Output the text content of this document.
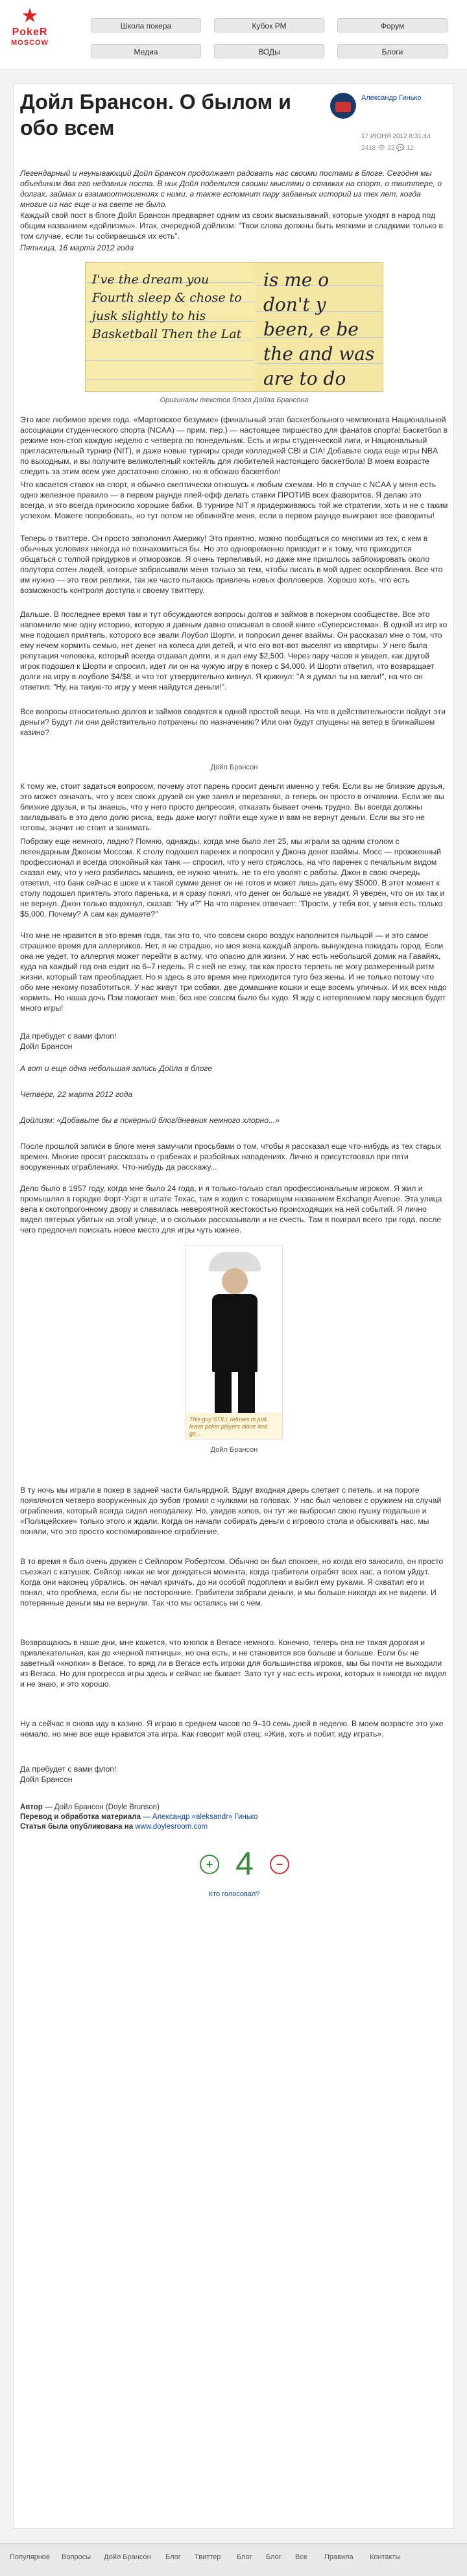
★
PokeR
MOSCOW
Школа покера	Кубок РМ	Форум
Медиа	ВОДы	Блоги
Дойл Брансон. О былом и обо всем
Александр Гинько
17 ИЮНЯ 2012 8:31:44
2418 👁 23 💬 12
Легендарный и неунывающий Дойл Брансон продолжает радовать нас своими постами в блоге. Сегодня мы объединим два его недавних поста. В них Дойл поделился своими мыслями о ставках на спорт, о твиттере, о долгах, займах и взаимоотношениях с ними, а также вспомнит пару забавных историй из тех лет, когда многие из нас еще и на свете не было.
Каждый свой пост в блоге Дойл Брансон предваряет одним из своих высказываний, которые уходят в народ под общим названием «дойлизмы». Итак, очередной дойлизм: "Твои слова должны быть мягкими и сладкими только в том случае, если ты собираешься их есть".
Пятница, 16 марта 2012 года
I've the dream you Fourth sleep & chose to jusk slightly to his Basketball Then the Lat
is me o don't y been, e be the and was are to do
Оригиналы текстов блога Дойла Брансона
Это мое любимое время года. «Мартовское безумие» (финальный этап баскетбольного чемпионата Национальной ассоциации студенческого спорта (NCAA) — прим. пер.) — настоящее пиршество для фанатов спорта! Баскетбол в режиме нон-стоп каждую неделю с четверга по понедельник. Есть и игры студенческой лиги, и Национальный пригласительный турнир (NIT), и даже новые турниры среди колледжей CBI и CIA! Добавьте сюда еще игры NBA по выходным, и вы получите великолепный коктейль для любителей настоящего баскетбола! В моем возрасте следить за этим всем уже достаточно сложно, но я обожаю баскетбол!
Что касается ставок на спорт, я обычно скептически отношусь к любым схемам. Но в случае с NCAA у меня есть одно железное правило — в первом раунде плей-офф делать ставки ПРОТИВ всех фаворитов. Я делаю это всегда, и это всегда приносило хорошие бабки. В турнире NIT я придерживаюсь той же стратегии, хоть и не с таким успехом. Можете попробовать, но тут потом не обвиняйте меня, если в первом раунде выиграют все фавориты!
Теперь о твиттере. Он просто заполонил Америку! Это приятно, можно пообщаться со многими из тех, с кем в обычных условиях никогда не познакомиться бы. Но это одновременно приводит и к тому, что приходится общаться с толпой придурков и отморозков. Я очень терпеливый, но даже мне пришлось заблокировать около полутора сотен людей, которые забрасывали меня только за тем, чтобы писать в мой адрес оскорбления. Все что им нужно — это твои реплики, так же часто пытаюсь привлечь новых фолловеров. Хорошо хоть, что есть возможность контроля доступа к своему твиттеру.
Дальше. В последнее время там и тут обсуждаются вопросы долгов и займов в покерном сообществе. Все это напомнило мне одну историю, которую я давным давно описывал в своей книге «Суперсистема». В одной из игр ко мне подошел приятель, которого все звали Лоубол Шорти, и попросил денег взаймы. Он рассказал мне о том, что ему нечем кормить семью, нет денег на колеса для детей, и что его вот-вот выселят из квартиры. У него была репутация человека, который всегда отдавал долги, и я дал ему $2,500. Через пару часов я увидел, как другой игрок подошел к Шорти и спросил, идет ли он на чужую игру в покер с $4,000. И Шорти ответил, что возвращает долги на игру в лоуболе $4/$8, и что тот утвердительно кивнул. Я крикнул: "А я думал ты на мели!", на что он ответил: "Ну, на такую-то игру у меня найдутся деньги!".
Все вопросы относительно долгов и займов сводятся к одной простой вещи. На что в действительности пойдут эти деньги? Будут ли они действительно потрачены по назначению? Или они будут спущены на ветер в ближайшем казино?
Дойл Брансон
К тому же, стоит задаться вопросом, почему этот парень просит деньги именно у тебя. Если вы не близкие друзья, это может означать, что у всех своих друзей он уже занял и перезанял, а теперь он просто в отчаянии. Если же вы близкие друзья, и ты знаешь, что у него просто депрессия, отказать бывает очень трудно. Вы всегда должны закладывать в это дело долю риска, ведь даже могут пойти еще хуже и вам не вернут деньги. Если вы это не готовы, значит не стоит и занимать.
Поброжу еще немного, ладно? Помню, однажды, когда мне было лет 25, мы играли за одним столом с легендарным Джоном Моссом. К столу подошел паренек и попросил у Джона денег взаймы. Мосс — прожженный профессионал и всегда спокойный как танк — спросил, что у него стряслось, на что паренек с печальным видом сказал ему, что у него разбилась машина, ее нужно чинить, не то его уволят с работы. Джон в свою очередь ответил, что банк сейчас в шоке и к такой сумме денег он не готов и может лишь дать ему $5000. В этот момент к столу подошел приятель этого паренька, и я сразу понял, что денег он больше не увидит. Я уверен, что он их так и не вернул. Джон только вздохнул, сказав: "Ну и?" На что паренек отвечает: "Прости, у тебя вот, у меня есть только $5,000. Почему? А сам как думаете?"
Что мне не нравится в это время года, так это то, что совсем скоро воздух наполнится пыльцой — и это самое страшное время для аллергиков. Нет, я не страдаю, но моя жена каждый апрель вынуждена покидать город. Если она не уедет, то аллергия может перейти в астму, что опасно для жизни. У нас есть небольшой домик на Гавайях, куда на каждый год она ездит на 6–7 недель. Я с ней не езжу, так как просто терпеть не могу размеренный ритм жизни, который там преобладает. Но я здесь в это время мне приходится туго без жены. И не только потому что обо мне некому позаботиться. У нас живут три собаки, две домашние кошки и еще восемь уличных. И их всех надо кормить. Но наша дочь Пэм помогает мне, без нее совсем было бы худо. Я жду с нетерпением пару месяцев будет много игры!
Да пребудет с вами флоп!
Дойл Брансон
А вот и еще одна небольшая запись Дойла в блоге
Четверг, 22 марта 2012 года
Дойлизм: «Добавьте бы в покерный блог/дневник немного хлорно...»
После прошлой записи в блоге меня замучили просьбами о том, чтобы я рассказал еще что-нибудь из тех старых времен. Многие просят рассказать о грабежах и разбойных нападениях. Лично я присутствовал при пяти вооруженных ограблениях. Что-нибудь да расскажу...
Дело было в 1957 году, когда мне было 24 года, и я только-только стал профессиональным игроком. Я жил и промышлял в городке Форт-Уэрт в штате Техас, там я ходил с товарищем названием Exchange Avenue. Эта улица вела к скотопрогонному двору и славилась невероятной жестокостью происходящих на ней событий. Я лично видел пятерых убитых на этой улице, и о скольких рассказывали и не счесть. Там я поиграл всего три года, после чего предпочел поискать новое место для игры чуть южнее.
This guy STILL refuses to just leave poker players alone and ge...
Дойл Брансон
В ту ночь мы играли в покер в задней части бильярдной. Вдруг входная дверь слетает с петель, и на пороге появляются четверо вооруженных до зубов громил с чулками на головах. У нас был человек с оружием на случай ограбления, который всегда сидел неподалеку. Но, увидев копов, он тут же выбросил свою пушку подальше и «Полицейские» только этого и ждали. Когда он начали собирать деньги с игрового стола и обыскивать нас, мы поняли, что это просто костюмированное ограбление.
В то время я был очень дружен с Сейлором Робертсом. Обычно он был спокоен, но когда его заносило, он просто съезжал с катушек. Сейлор никак не мог дождаться момента, когда грабители ограбят всех нас, а потом уйдут. Когда они наконец убрались, он начал кричать, до ни особой подоплеки и выбил ему руками. Я схватил его и понял, что проблема, если бы не посторонние. Грабители забрали деньги, и мы больше никогда их не видели. И потерянные деньги мы не вернули. Так что мы остались ни с чем.
Возвращаюсь в наше дни, мне кажется, что кнопок в Вегасе немного. Конечно, теперь она не такая дорогая и привлекательная, как до «черной пятницы», но она есть, и не становится все больше и больше. Если бы не заветный «кнопки» в Вегасе, то вряд ли в Вегасе есть игроки для большинства игроков, мы бы почти не выходили из Вегаса. Но для прогресса игры здесь и сейчас не бывает. Зато тут у нас есть игроки, которых я никогда не видел и не знаю, и это хорошо.
Ну а сейчас я снова иду в казино. Я играю в среднем часов по 9–10 семь дней в неделю. В моем возрасте это уже немало, но мне все еще нравится эта игра. Как говорит мой отец: «Жив, хоть и побит, иду играть».
Да пребудет с вами флоп!
Дойл Брансон
Автор — Дойл Брансон (Doyle Brunson)
Перевод и обработка материала — Александр «aleksandr» Гинько
Статья была опубликована на www.doylesroom.com
+ 4	−
Кто голосовал?
Популярное Вопросы Дойл Брансон Блог Твиттер Блог Блог Все Правила Контакты
